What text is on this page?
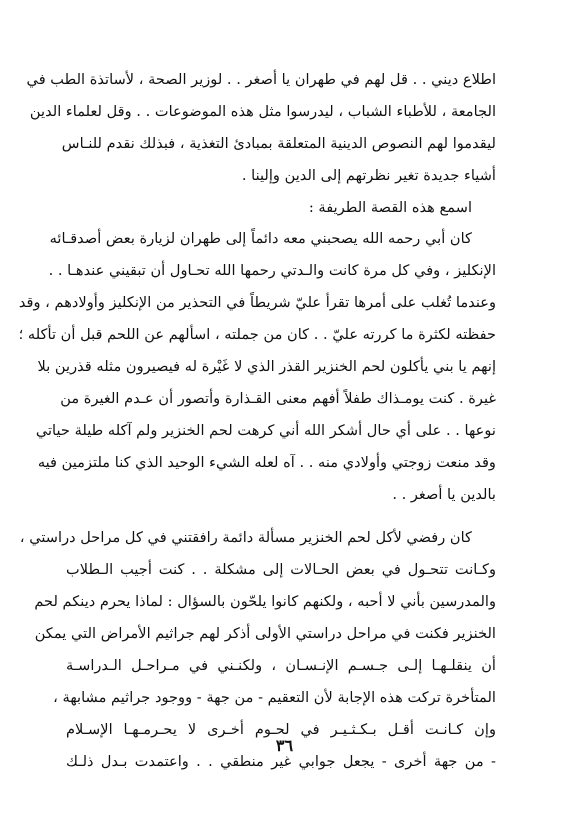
اطلاع ديني . . قل لهم في طهران يا أصغر . . لوزير الصحة ، لأساتذة الطب في
الجامعة ، للأطباء الشباب ، ليدرسوا مثل هذه الموضوعات . . وقل لعلماء الدين
ليقدموا لهم النصوص الدينية المتعلقة بمبادئ التغذية ، فبذلك نقدم للنـاس
أشياء جديدة تغير نظرتهم إلى الدين وإلينا .
اسمع هذه القصة الطريفة :
كان أبي رحمه الله يصحبني معه دائماً إلى طهران لزيارة بعض أصدقـائه
الإنكليز ، وفي كل مرة كانت والـدتي رحمها الله تحـاول أن تبقيني عندهـا . .
وعندما تُغلب على أمرها تقرأ عليّ شريطاً في التحذير من الإنكليز وأولادهم ، وقد
حفظته لكثرة ما كررته عليّ . . كان من جملته ، اسألهم عن اللحم قبل أن تأكله ؛
إنهم يا بني يأكلون لحم الخنزير القذر الذي لا غَيْرة له فيصيرون مثله قذرين بلا
غيرة . كنت يومـذاك طفلاً أفهم معنى القـذارة وأتصور أن عـدم الغيرة من
نوعها . . على أي حال أشكر الله أني كرهت لحم الخنزير ولم آكله طيلة حياتي
وقد منعت زوجتي وأولادي منه . . آه لعله الشيء الوحيد الذي كنا ملتزمين فيه
بالدين يا أصغر . .
كان رفضي لأكل لحم الخنزير مسألة دائمة رافقتني في كل مراحل دراستي ،
وكـانت تتحـول في بعض الحـالات إلى مشكلة . . كنت أجيب الـطلاب
والمدرسين بأني لا أحبه ، ولكنهم كانوا يلحّون بالسؤال : لماذا يحرم دينكم لحم
الخنزير فكنت في مراحل دراستي الأولى أذكر لهم جراثيم الأمراض التي يمكن
أن ينقلـهـا إلـى جـسـم الإنـسـان ، ولكنـني في مـراحـل الـدراسـة
المتأخرة تركت هذه الإجابة لأن التعقيم - من جهة - ووجود جراثيم مشابهة ،
وإن كـانـت أقـل بـكـثـيـر في لحـوم أخـرى لا يحـرمـهـا الإسـلام
- من جهة أخرى - يجعل جوابي غير منطقي . . واعتمدت بـدل ذلـك
٣٦
